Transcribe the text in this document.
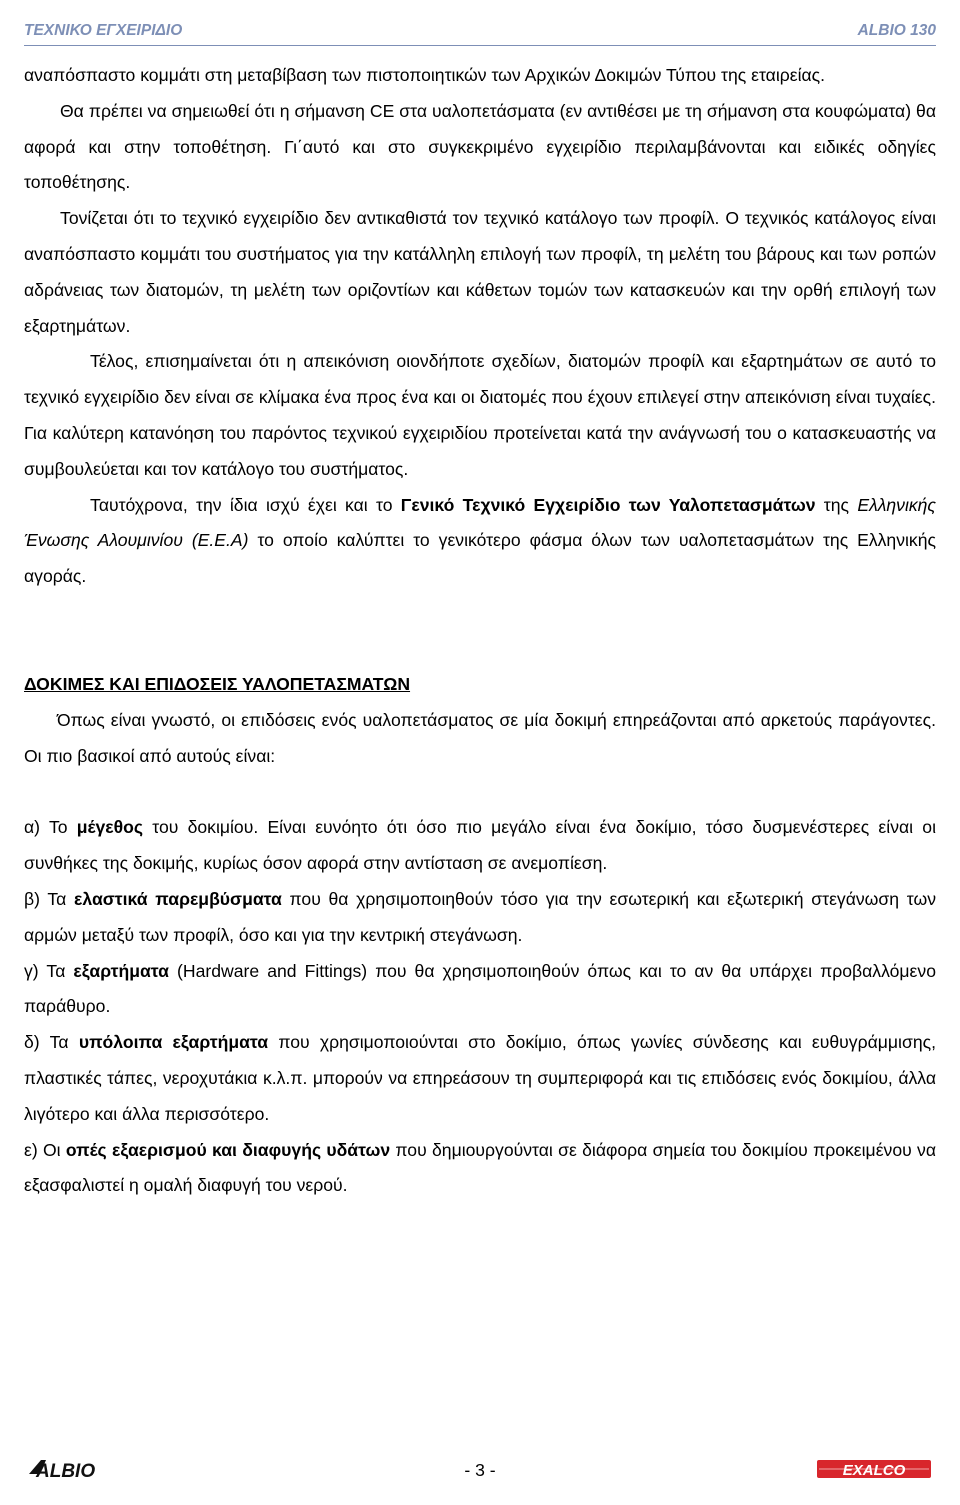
ΤΕΧΝΙΚΟ ΕΓΧΕΙΡΙΔΙΟ	ALBIO 130

αναπόσπαστο κομμάτι στη μεταβίβαση των πιστοποιητικών των Αρχικών Δοκιμών Τύπου της εταιρείας.

Θα πρέπει να σημειωθεί ότι η σήμανση CE στα υαλοπετάσματα (εν αντιθέσει με τη σήμανση στα κουφώματα) θα αφορά και στην τοποθέτηση. Γι΄αυτό και στο συγκεκριμένο εγχειρίδιο περιλαμβάνονται και ειδικές οδηγίες τοποθέτησης.

Τονίζεται ότι το τεχνικό εγχειρίδιο δεν αντικαθιστά τον τεχνικό κατάλογο των προφίλ. Ο τεχνικός κατάλογος είναι αναπόσπαστο κομμάτι του συστήματος για την κατάλληλη επιλογή των προφίλ, τη μελέτη του βάρους και των ροπών αδράνειας των διατομών, τη μελέτη των οριζοντίων και κάθετων τομών των κατασκευών και την ορθή επιλογή των εξαρτημάτων.

Τέλος, επισημαίνεται ότι η απεικόνιση οιονδήποτε σχεδίων, διατομών προφίλ και εξαρτημάτων σε αυτό το τεχνικό εγχειρίδιο δεν είναι σε κλίμακα ένα προς ένα και οι διατομές που έχουν επιλεγεί στην απεικόνιση είναι τυχαίες. Για καλύτερη κατανόηση του παρόντος τεχνικού εγχειριδίου προτείνεται κατά την ανάγνωσή του ο κατασκευαστής να συμβουλεύεται και τον κατάλογο του συστήματος.

Ταυτόχρονα, την ίδια ισχύ έχει και το Γενικό Τεχνικό Εγχειρίδιο των Υαλοπετασμάτων της Ελληνικής Ένωσης Αλουμινίου (Ε.Ε.Α) το οποίο καλύπτει το γενικότερο φάσμα όλων των υαλοπετασμάτων της Ελληνικής αγοράς.

ΔΟΚΙΜΕΣ ΚΑΙ ΕΠΙΔΟΣΕΙΣ ΥΑΛΟΠΕΤΑΣΜΑΤΩΝ

Όπως είναι γνωστό, οι επιδόσεις ενός υαλοπετάσματος σε μία δοκιμή επηρεάζονται από αρκετούς παράγοντες. Οι πιο βασικοί από αυτούς είναι:

α) Το μέγεθος του δοκιμίου. Είναι ευνόητο ότι όσο πιο μεγάλο είναι ένα δοκίμιο, τόσο δυσμενέστερες είναι οι συνθήκες της δοκιμής, κυρίως όσον αφορά στην αντίσταση σε ανεμοπίεση.

β) Τα ελαστικά παρεμβύσματα που θα χρησιμοποιηθούν τόσο για την εσωτερική και εξωτερική στεγάνωση των αρμών μεταξύ των προφίλ, όσο και για την κεντρική στεγάνωση.

γ) Τα εξαρτήματα (Hardware and Fittings) που θα χρησιμοποιηθούν όπως και το αν θα υπάρχει προβαλλόμενο παράθυρο.

δ) Τα υπόλοιπα εξαρτήματα που χρησιμοποιούνται στο δοκίμιο, όπως γωνίες σύνδεσης και ευθυγράμμισης, πλαστικές τάπες, νεροχυτάκια κ.λ.π. μπορούν να επηρεάσουν τη συμπεριφορά και τις επιδόσεις ενός δοκιμίου, άλλα λιγότερο και άλλα περισσότερο.

ε) Οι οπές εξαερισμού και διαφυγής υδάτων που δημιουργούνται σε διάφορα σημεία του δοκιμίου προκειμένου να εξασφαλιστεί η ομαλή διαφυγή του νερού.

ALBIO	- 3 -	EXALCO
